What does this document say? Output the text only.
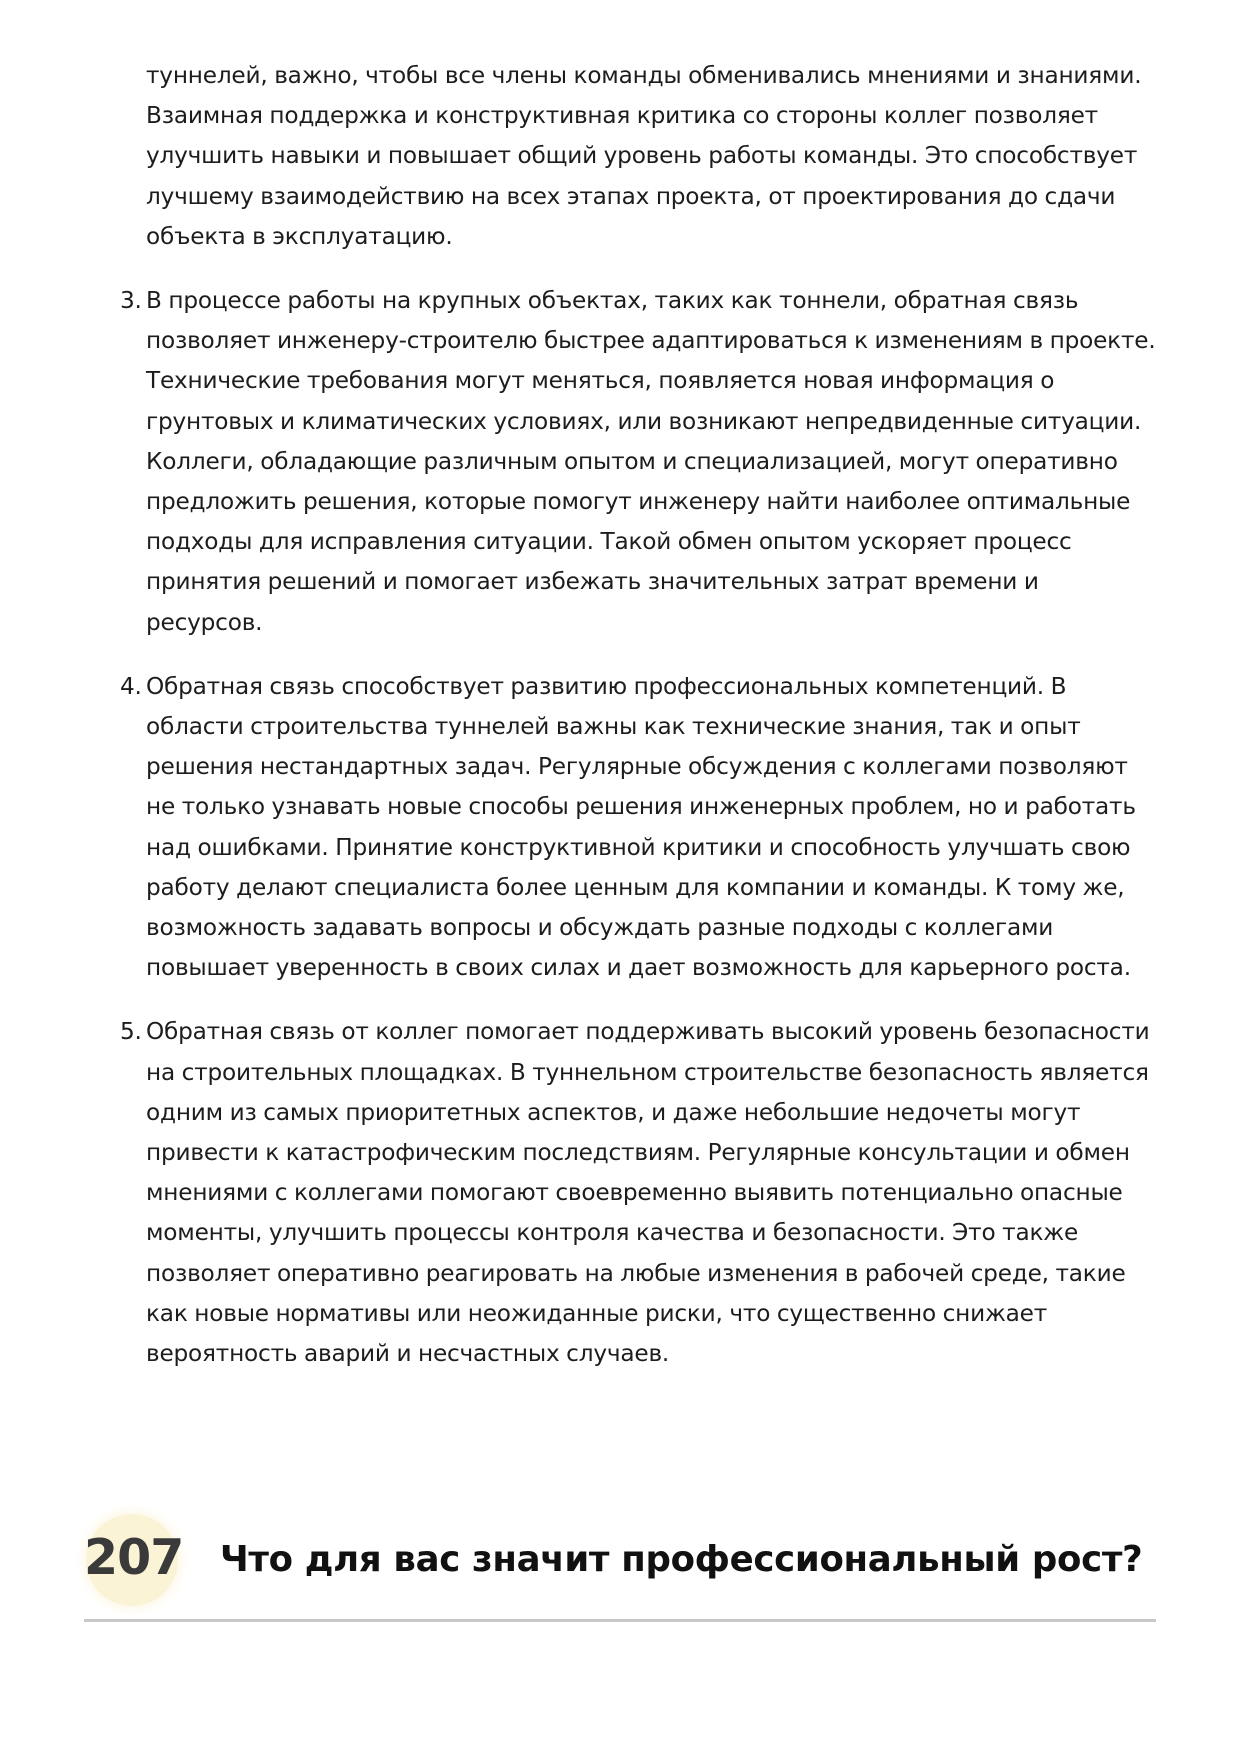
туннелей, важно, чтобы все члены команды обменивались мнениями и знаниями. Взаимная поддержка и конструктивная критика со стороны коллег позволяет улучшить навыки и повышает общий уровень работы команды. Это способствует лучшему взаимодействию на всех этапах проекта, от проектирования до сдачи объекта в эксплуатацию.

3. В процессе работы на крупных объектах, таких как тоннели, обратная связь позволяет инженеру-строителю быстрее адаптироваться к изменениям в проекте. Технические требования могут меняться, появляется новая информация о грунтовых и климатических условиях, или возникают непредвиденные ситуации. Коллеги, обладающие различным опытом и специализацией, могут оперативно предложить решения, которые помогут инженеру найти наиболее оптимальные подходы для исправления ситуации. Такой обмен опытом ускоряет процесс принятия решений и помогает избежать значительных затрат времени и ресурсов.
4. Обратная связь способствует развитию профессиональных компетенций. В области строительства туннелей важны как технические знания, так и опыт решения нестандартных задач. Регулярные обсуждения с коллегами позволяют не только узнавать новые способы решения инженерных проблем, но и работать над ошибками. Принятие конструктивной критики и способность улучшать свою работу делают специалиста более ценным для компании и команды. К тому же, возможность задавать вопросы и обсуждать разные подходы с коллегами повышает уверенность в своих силах и дает возможность для карьерного роста.
5. Обратная связь от коллег помогает поддерживать высокий уровень безопасности на строительных площадках. В туннельном строительстве безопасность является одним из самых приоритетных аспектов, и даже небольшие недочеты могут привести к катастрофическим последствиям. Регулярные консультации и обмен мнениями с коллегами помогают своевременно выявить потенциально опасные моменты, улучшить процессы контроля качества и безопасности. Это также позволяет оперативно реагировать на любые изменения в рабочей среде, такие как новые нормативы или неожиданные риски, что существенно снижает вероятность аварий и несчастных случаев.
207 Что для вас значит профессиональный рост?
